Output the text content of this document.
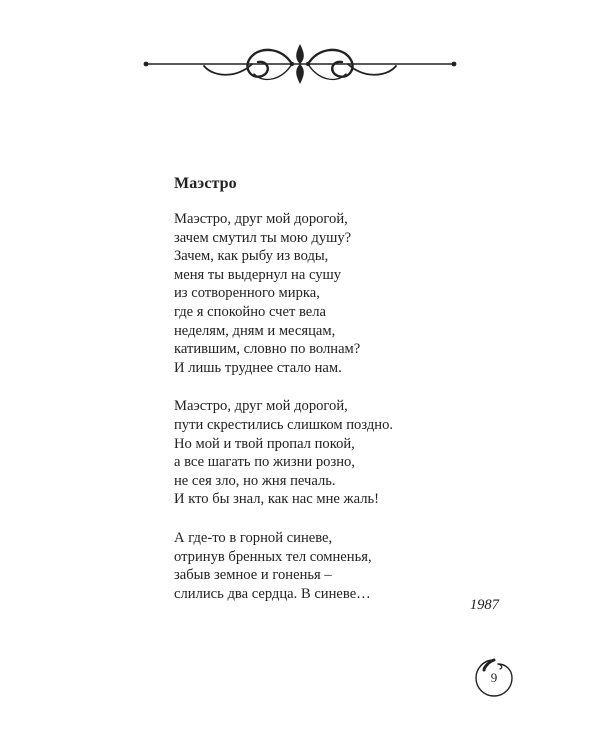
Маэстро
Маэстро, друг мой дорогой,
зачем смутил ты мою душу?
Зачем, как рыбу из воды,
меня ты выдернул на сушу
из сотворенного мирка,
где я спокойно счет вела
неделям, дням и месяцам,
катившим, словно по волнам?
И лишь труднее стало нам.
Маэстро, друг мой дорогой,
пути скрестились слишком поздно.
Но мой и твой пропал покой,
а все шагать по жизни розно,
не сея зло, но жня печаль.
И кто бы знал, как нас мне жаль!
А где-то в горной синеве,
отринув бренных тел сомненья,
забыв земное и гоненья –
слились два сердца. В синеве…
1987
9
